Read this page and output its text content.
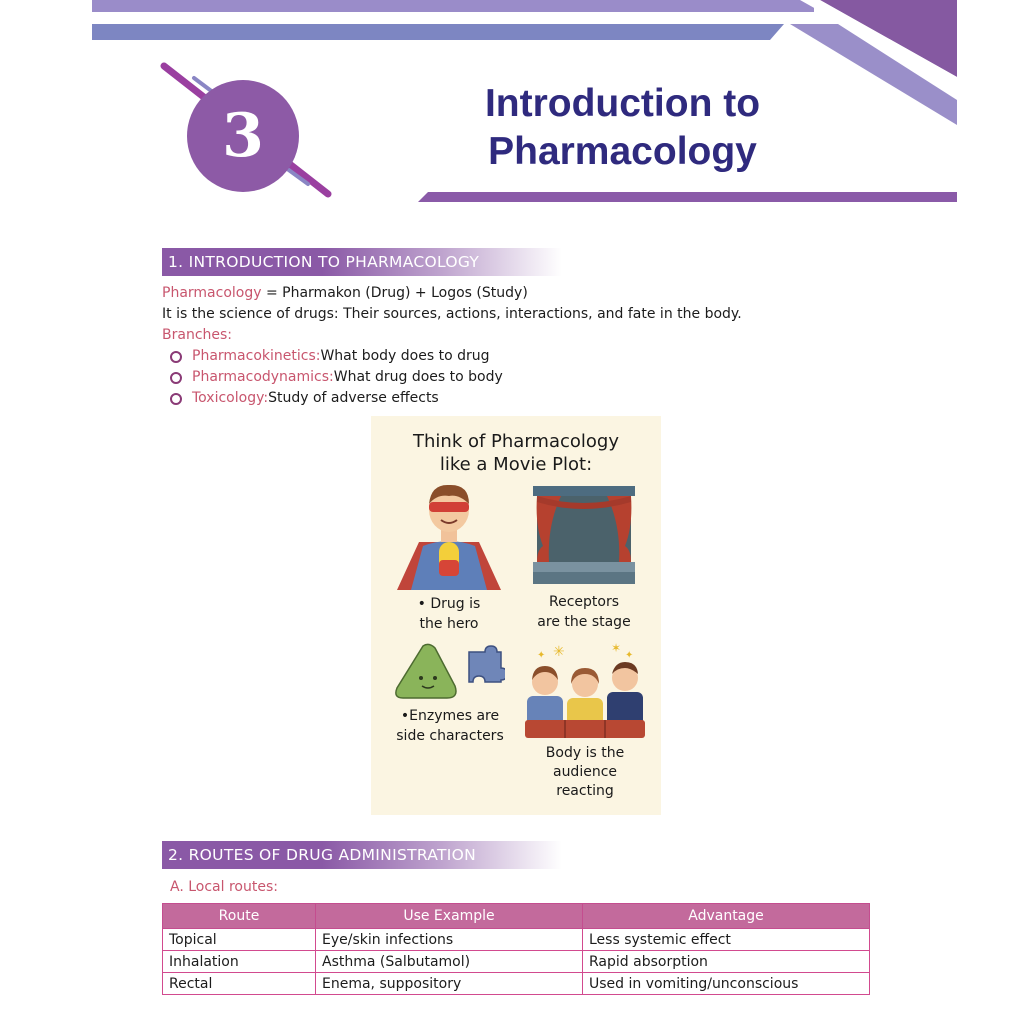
3	Introduction to
Pharmacology
1. INTRODUCTION TO PHARMACOLOGY
Pharmacology = Pharmakon (Drug) + Logos (Study)
It is the science of drugs: Their sources, actions, interactions, and fate in the body.
Branches:
Pharmacokinetics: What body does to drug
Pharmacodynamics: What drug does to body
Toxicology: Study of adverse effects
Think of Pharmacology
like a Movie Plot:
• Drug is
the hero
Receptors
are the stage
•Enzymes are
side characters
✳	✶
✦	✦
Body is the
audience
reacting
2. ROUTES OF DRUG ADMINISTRATION
A. Local routes:
Route	Use Example	Advantage
Topical	Eye/skin infections	Less systemic effect
Inhalation	Asthma (Salbutamol)	Rapid absorption
Rectal	Enema, suppository	Used in vomiting/unconscious
